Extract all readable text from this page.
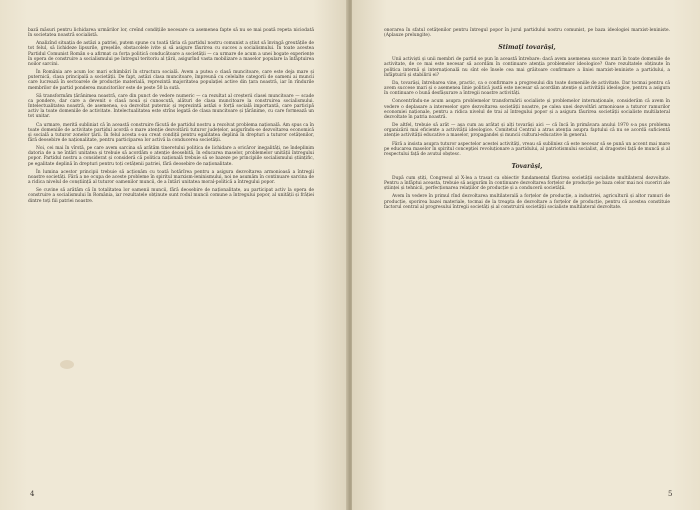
bază măsuri pentru lichidarea urmărilor lor, creînd condițiile necesare ca asemenea fapte să nu se mai poată repeta niciodată în societatea noastră socialistă.

Analizînd situația de astăzi a patriei, putem spune cu toată tăria că partidul nostru comunist a știut să învingă greutățile de tot felul, să lichideze lipsurile, greșelile, obstacolele ivite și să asigure făurirea cu succes a socialismului. În toate acestea Partidul Comunist Român s-a afirmat ca forța politică conducătoare a societății — ca urmare de acum a unei bogate experiențe în opera de construire a socialismului pe întregul teritoriu al țării, asigurînd vasta mobilizare a maselor populare la înfăptuirea noilor sarcini.

În România are acum loc mari schimbări în structura socială. Avem a putea o clasă muncitoare, care este deja mare și puternică, clasa principală a societății. De fapt, astăzi clasa muncitoare, împreună cu celelalte categorii de oameni ai muncii care lucrează în sectoarele de producție materială, reprezintă majoritatea populației active din țara noastră, iar în rîndurile membrilor de partid ponderea muncitorilor este de peste 50 la sută.

Să transformăm țărănimea noastră, care din punct de vedere numeric — ca rezultat al creșterii clasei muncitoare — scade ca pondere, dar care a devenit o clasă nouă și cunoscută, alături de clasa muncitoare la construirea socialismului. Intelectualitatea noastră, de asemenea, s-a dezvoltat puternic și reprezintă astăzi o forță socială importantă, care participă activ la toate domeniile de activitate. Intelectualitatea este strîns legată de clasa muncitoare și țărănime, cu care formează un tot unitar.

Ca urmare, merită subliniat că în această construire făcută de partidul nostru a rezolvat problema națională. Am spus ca în toate domeniile de activitate partidul acordă o mare atenție dezvoltării tuturor județelor, asigurîndu-se dezvoltarea economică și socială a tuturor zonelor țării. În felul acesta s-au creat condiții pentru egalitatea deplină în drepturi a tuturor cetățenilor, fără deosebire de naționalitate, pentru participarea lor activă la conducerea societății.

Noi, cei mai în vîrstă, pe care avem sarcina să arătăm tineretului politica de lichidare a oricăror inegalități, ne îndeplinim datoria de a ne întări unitatea și trebuie să acordăm o atenție deosebită, în educarea maselor, problemelor unității întregului popor. Partidul nostru a considerat și consideră că politica națională trebuie să se bazeze pe principiile socialismului științific, pe egalitate deplină în drepturi pentru toți cetățenii patriei, fără deosebire de naționalitate.

În lumina acestor principii trebuie să acționăm cu toată hotărîrea pentru a asigura dezvoltarea armonioasă a întregii noastre societăți. Fără a ne ocupa de aceste probleme în spiritul marxism-leninismului, noi ne asumăm în continuare sarcina de a ridica nivelul de conștiință al tuturor oamenilor muncii, de a întări unitatea moral-politică a întregului popor.

Se cuvine să arătăm că în totalitatea lor oamenii muncii, fără deosebire de naționalitate, au participat activ la opera de construire a socialismului în România, iar rezultatele obținute sunt rodul muncii comune a întregului popor, al unității și frăției dintre toți fiii patriei noastre.

4

onorarea în sfatul cetățenilor pentru întregul popor în jurul partidului nostru comunist, pe baza ideologiei marxist-leniniste. (Aplauze prelungite).

Stimați tovarăși,

Unii activiști și unii membri de partid se pun în această întrebare: dacă avem asemenea succese mari în toate domeniile de activitate, de ce mai este necesar să acordăm în continuare atenția problemelor ideologice? Oare rezultatele obținute în politica internă și internațională nu sînt ele însele cea mai grăitoare confirmare a liniei marxist-leniniste a partidului, a înfăptuirii și stabilirii ei?

Da, tovarăși, întrebarea vine, practic, ca o confirmare a progresului din toate domeniile de activitate. Dar tocmai pentru că avem succese mari și o asemenea linie politică justă este necesar să acordăm atenție și activității ideologice, pentru a asigura în continuare o bună desfășurare a întregii noastre activități.

Concentrîndu-ne acum asupra problemelor transformării socialiste și problemelor internaționale, considerăm că avem în vedere o deplasare a intereselor spre dezvoltarea societății noastre, pe calea unei dezvoltări armonioase a tuturor ramurilor economiei naționale, pentru a ridica nivelul de trai al întregului popor și a asigura făurirea societății socialiste multilateral dezvoltate în patria noastră.

De altfel, trebuie să arăt — așa cum au arătat și alți tovarăși aici — că încă în primăvara anului 1970 s-a pus problema organizării mai eficiente a activității ideologice. Comitetul Central a atras atenția asupra faptului că nu se acordă suficientă atenție activității educative a maselor, propagandei și muncii cultural-educative în general.

Fără a insista asupra tuturor aspectelor acestei activități, vreau să subliniez că este necesar să se pună un accent mai mare pe educarea maselor în spiritul concepției revoluționare a partidului, al patriotismului socialist, al dragostei față de muncă și al respectului față de avutul obștesc.

Tovarăși,

După cum știți, Congresul al X-lea a trasat ca obiectiv fundamental făurirea societății socialiste multilateral dezvoltate. Pentru a înfăptui aceasta, trebuie să asigurăm în continuare dezvoltarea forțelor de producție pe baza celor mai noi cuceriri ale științei și tehnicii, perfecționarea relațiilor de producție și a conducerii societății.

Avem în vedere în primul rînd dezvoltarea multilaterală a forțelor de producție, a industriei, agriculturii și altor ramuri de producție, sporirea bazei materiale, tocmai de la treapta de dezvoltare a forțelor de producție, pentru că acestea constituie factorul central al progresului întregii societăți și al construirii societății socialiste multilateral dezvoltate.

5
